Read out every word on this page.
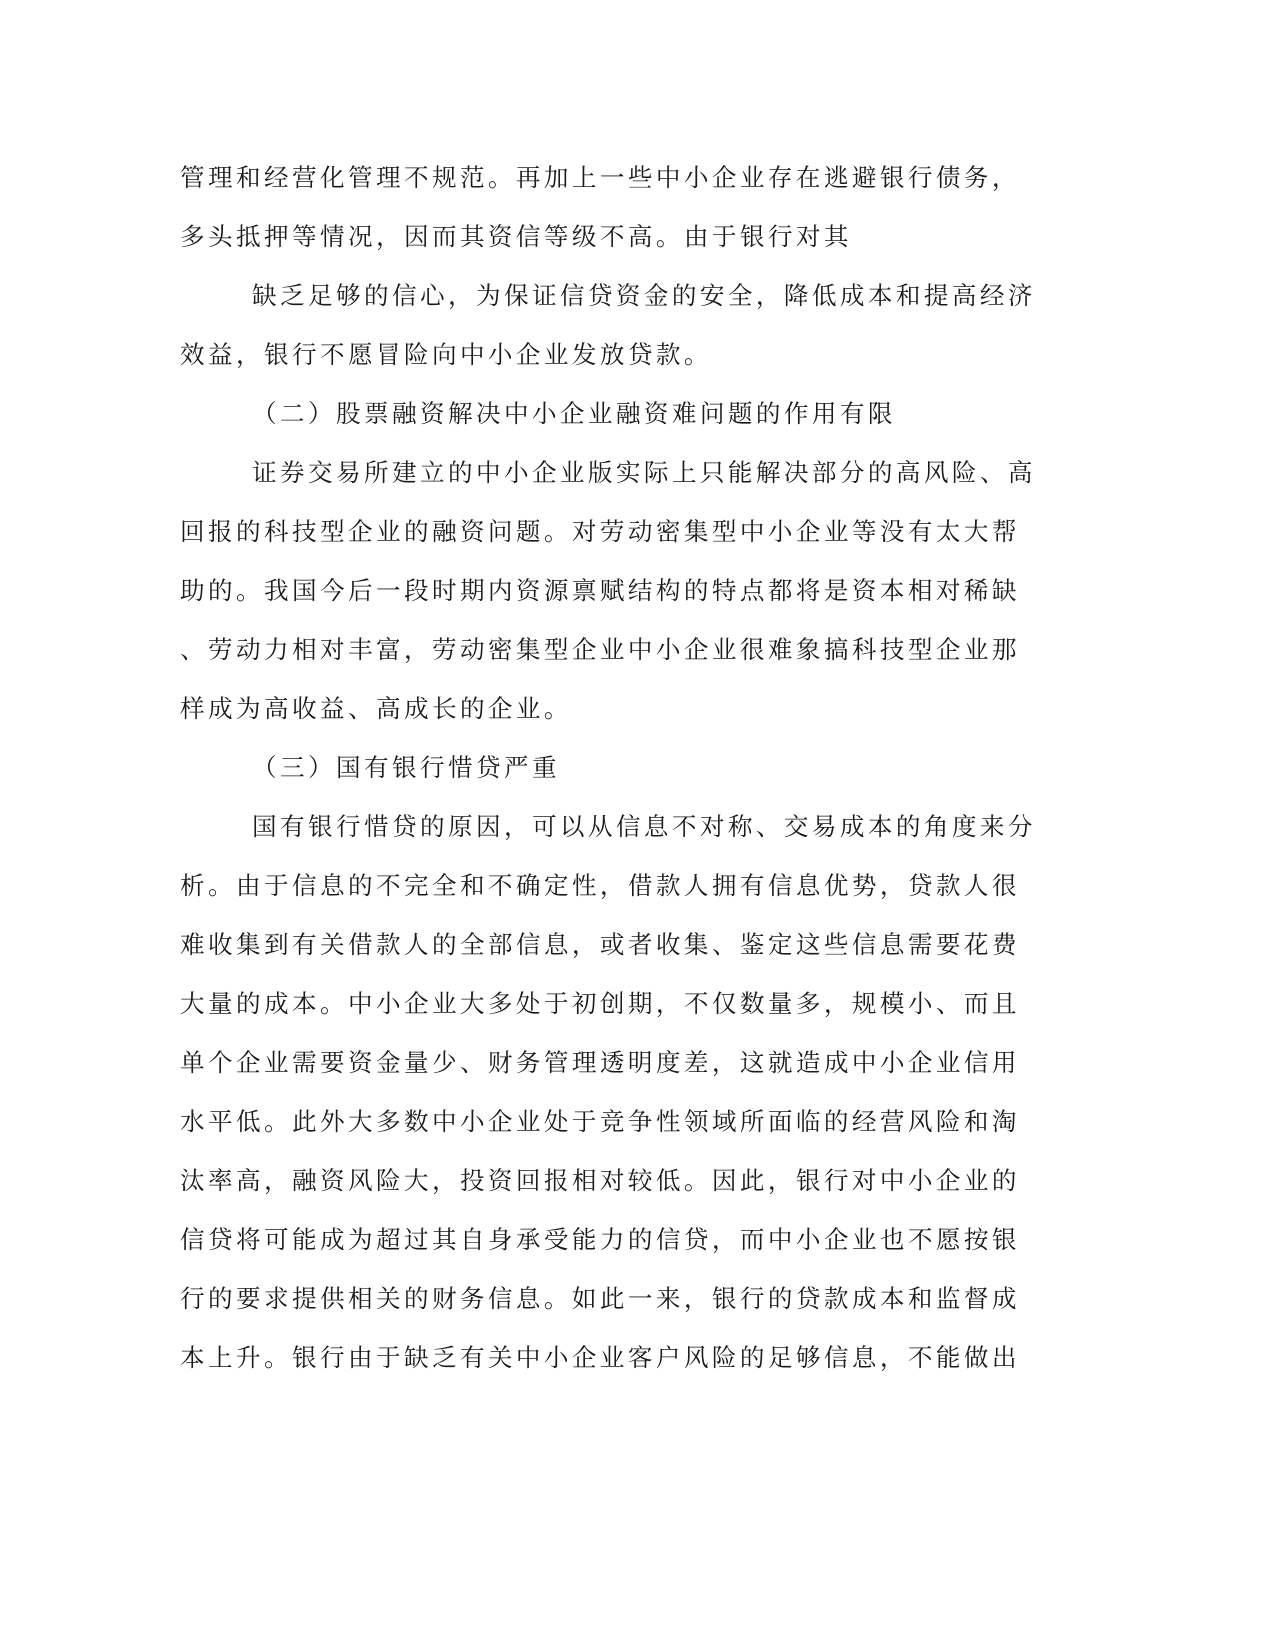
管理和经营化管理不规范。再加上一些中小企业存在逃避银行债务，
多头抵押等情况，因而其资信等级不高。由于银行对其
缺乏足够的信心，为保证信贷资金的安全，降低成本和提高经济
效益，银行不愿冒险向中小企业发放贷款。
（二）股票融资解决中小企业融资难问题的作用有限
证券交易所建立的中小企业版实际上只能解决部分的高风险、高
回报的科技型企业的融资问题。对劳动密集型中小企业等没有太大帮
助的。我国今后一段时期内资源禀赋结构的特点都将是资本相对稀缺
、劳动力相对丰富，劳动密集型企业中小企业很难象搞科技型企业那
样成为高收益、高成长的企业。
（三）国有银行惜贷严重
国有银行惜贷的原因，可以从信息不对称、交易成本的角度来分
析。由于信息的不完全和不确定性，借款人拥有信息优势，贷款人很
难收集到有关借款人的全部信息，或者收集、鉴定这些信息需要花费
大量的成本。中小企业大多处于初创期，不仅数量多，规模小、而且
单个企业需要资金量少、财务管理透明度差，这就造成中小企业信用
水平低。此外大多数中小企业处于竞争性领域所面临的经营风险和淘
汰率高，融资风险大，投资回报相对较低。因此，银行对中小企业的
信贷将可能成为超过其自身承受能力的信贷，而中小企业也不愿按银
行的要求提供相关的财务信息。如此一来，银行的贷款成本和监督成
本上升。银行由于缺乏有关中小企业客户风险的足够信息，不能做出
